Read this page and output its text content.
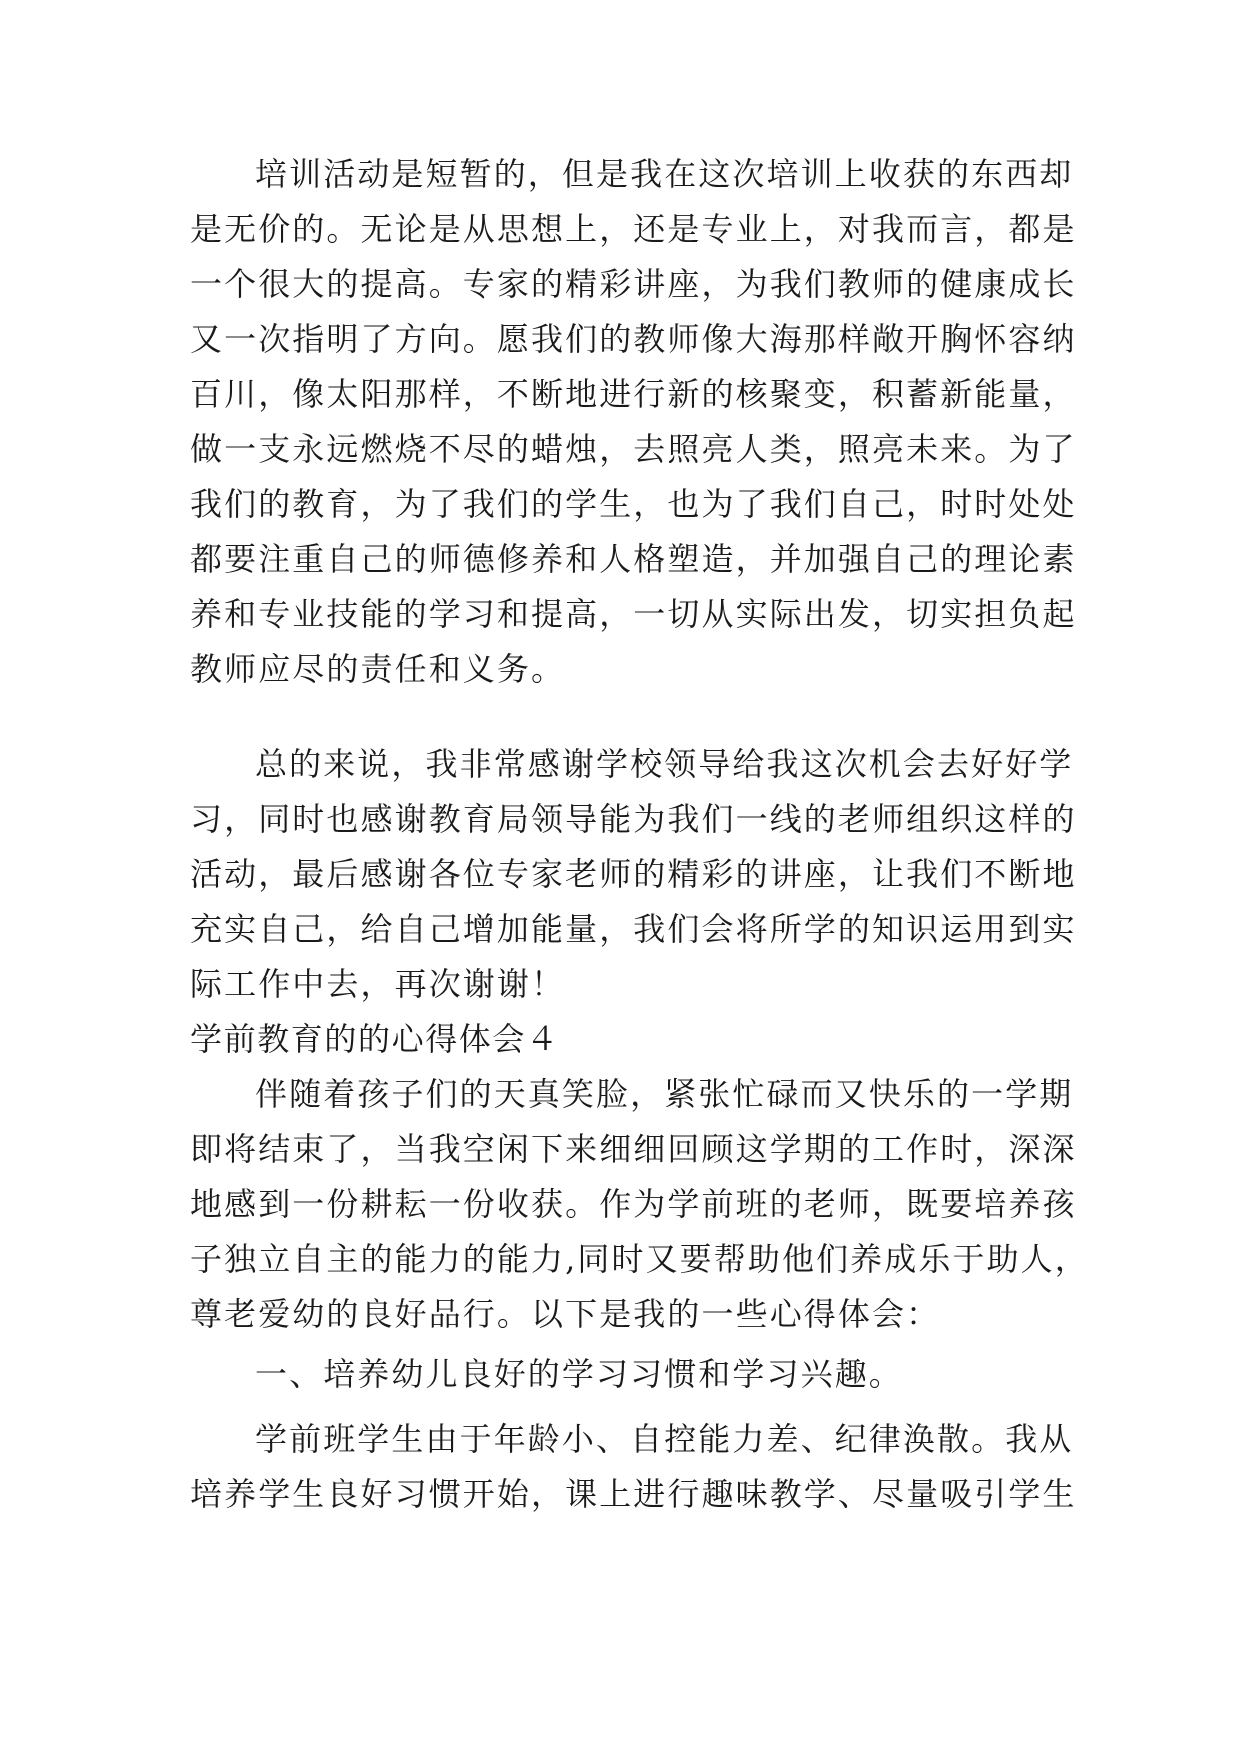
培训活动是短暂的，但是我在这次培训上收获的东西却
是无价的。无论是从思想上，还是专业上，对我而言，都是
一个很大的提高。专家的精彩讲座，为我们教师的健康成长
又一次指明了方向。愿我们的教师像大海那样敞开胸怀容纳
百川，像太阳那样，不断地进行新的核聚变，积蓄新能量，
做一支永远燃烧不尽的蜡烛，去照亮人类，照亮未来。为了
我们的教育，为了我们的学生，也为了我们自己，时时处处
都要注重自己的师德修养和人格塑造，并加强自己的理论素
养和专业技能的学习和提高，一切从实际出发，切实担负起
教师应尽的责任和义务。
总的来说，我非常感谢学校领导给我这次机会去好好学
习，同时也感谢教育局领导能为我们一线的老师组织这样的
活动，最后感谢各位专家老师的精彩的讲座，让我们不断地
充实自己，给自己增加能量，我们会将所学的知识运用到实
际工作中去，再次谢谢！
学前教育的的心得体会４
伴随着孩子们的天真笑脸，紧张忙碌而又快乐的一学期
即将结束了，当我空闲下来细细回顾这学期的工作时，深深
地感到一份耕耘一份收获。作为学前班的老师，既要培养孩
子独立自主的能力的能力,同时又要帮助他们养成乐于助人，
尊老爱幼的良好品行。以下是我的一些心得体会：
一、培养幼儿良好的学习习惯和学习兴趣。
学前班学生由于年龄小、自控能力差、纪律涣散。我从
培养学生良好习惯开始，课上进行趣味教学、尽量吸引学生
